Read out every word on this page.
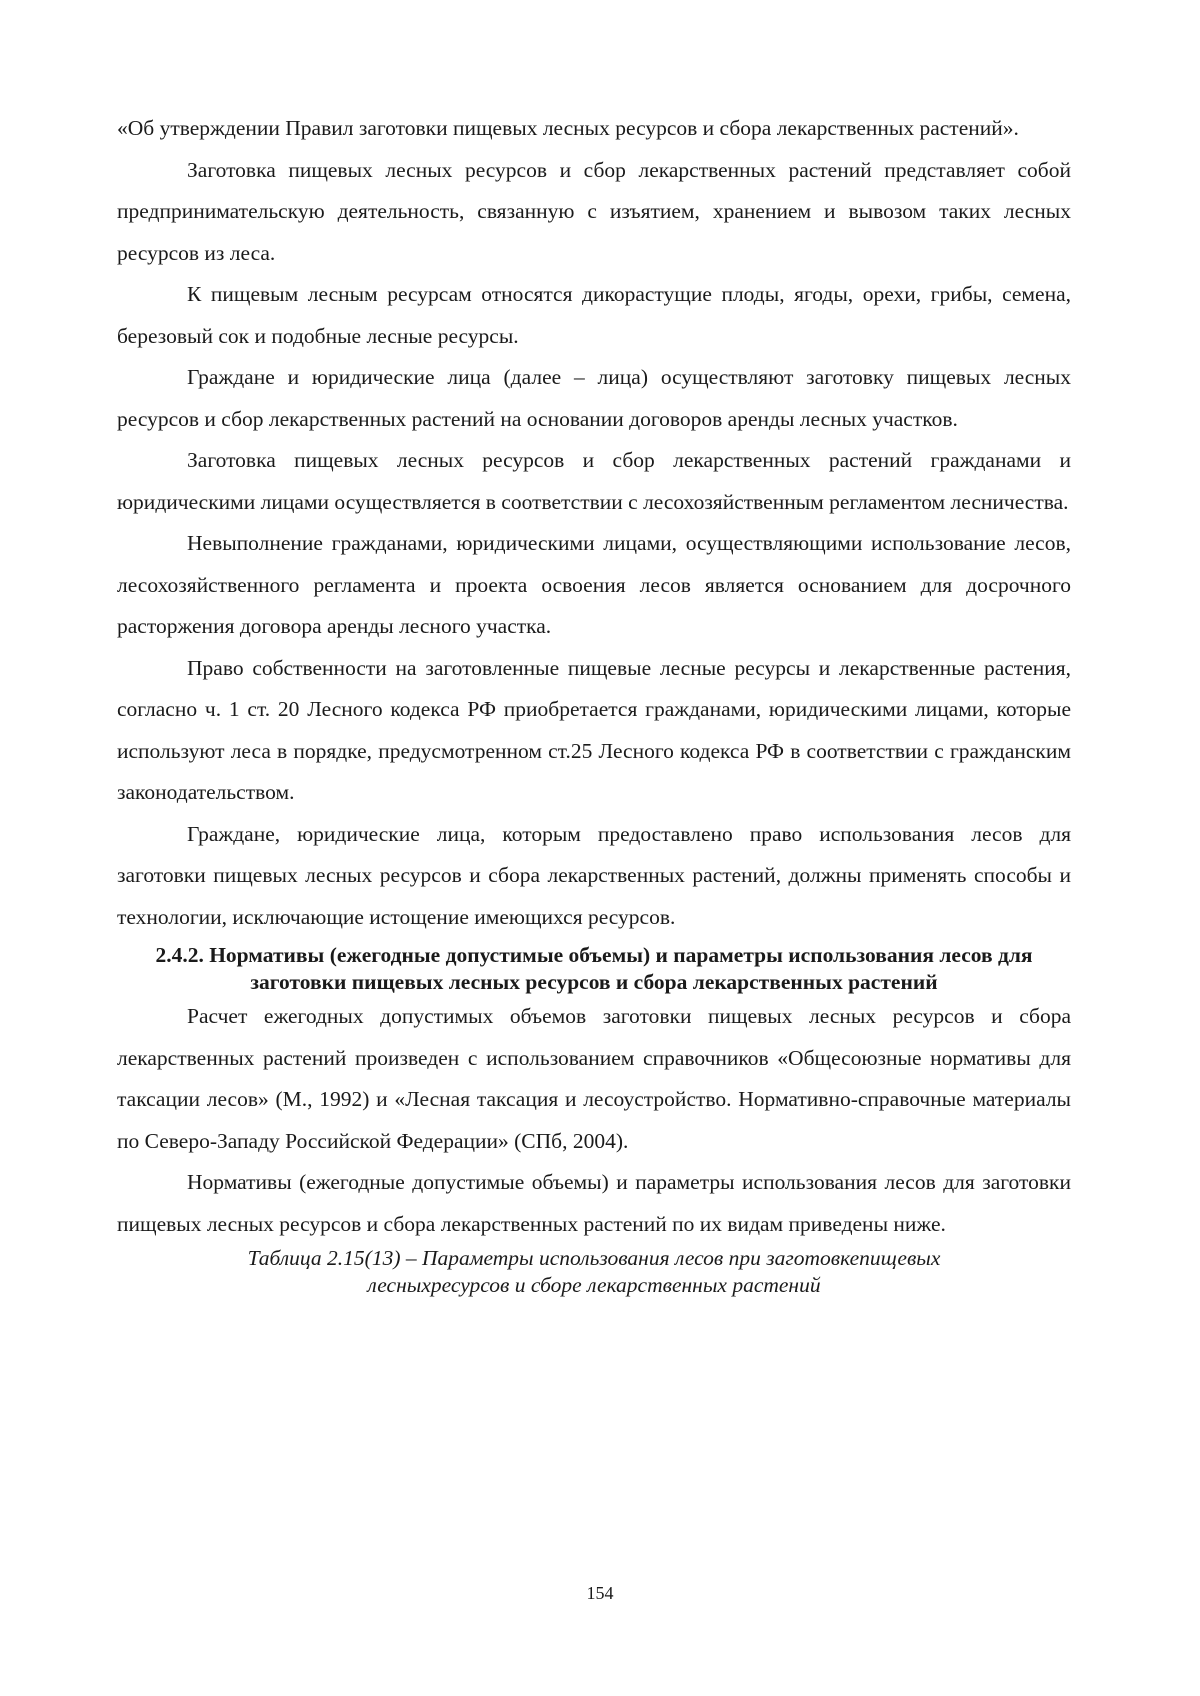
«Об утверждении Правил заготовки пищевых лесных ресурсов и сбора лекарственных растений».

Заготовка пищевых лесных ресурсов и сбор лекарственных растений представляет собой предпринимательскую деятельность, связанную с изъятием, хранением и вывозом таких лесных ресурсов из леса.

К пищевым лесным ресурсам относятся дикорастущие плоды, ягоды, орехи, грибы, семена, березовый сок и подобные лесные ресурсы.

Граждане и юридические лица (далее – лица) осуществляют заготовку пищевых лесных ресурсов и сбор лекарственных растений на основании договоров аренды лесных участков.

Заготовка пищевых лесных ресурсов и сбор лекарственных растений гражданами и юридическими лицами осуществляется в соответствии с лесохозяйственным регламентом лесничества.

Невыполнение гражданами, юридическими лицами, осуществляющими использование лесов, лесохозяйственного регламента и проекта освоения лесов является основанием для досрочного расторжения договора аренды лесного участка.

Право собственности на заготовленные пищевые лесные ресурсы и лекарственные растения, согласно ч. 1 ст. 20 Лесного кодекса РФ приобретается гражданами, юридическими лицами, которые используют леса в порядке, предусмотренном ст.25 Лесного кодекса РФ в соответствии с гражданским законодательством.

Граждане, юридические лица, которым предоставлено право использования лесов для заготовки пищевых лесных ресурсов и сбора лекарственных растений, должны применять способы и технологии, исключающие истощение имеющихся ресурсов.

2.4.2. Нормативы (ежегодные допустимые объемы) и параметры использования лесов для заготовки пищевых лесных ресурсов и сбора лекарственных растений

Расчет ежегодных допустимых объемов заготовки пищевых лесных ресурсов и сбора лекарственных растений произведен с использованием справочников «Общесоюзные нормативы для таксации лесов» (М., 1992) и «Лесная таксация и лесоустройство. Нормативно-справочные материалы по Северо-Западу Российской Федерации» (СПб, 2004).

Нормативы (ежегодные допустимые объемы) и параметры использования лесов для заготовки пищевых лесных ресурсов и сбора лекарственных растений по их видам приведены ниже.

Таблица 2.15(13) – Параметры использования лесов при заготовкепищевых лесныхресурсов и сборе лекарственных растений

154
